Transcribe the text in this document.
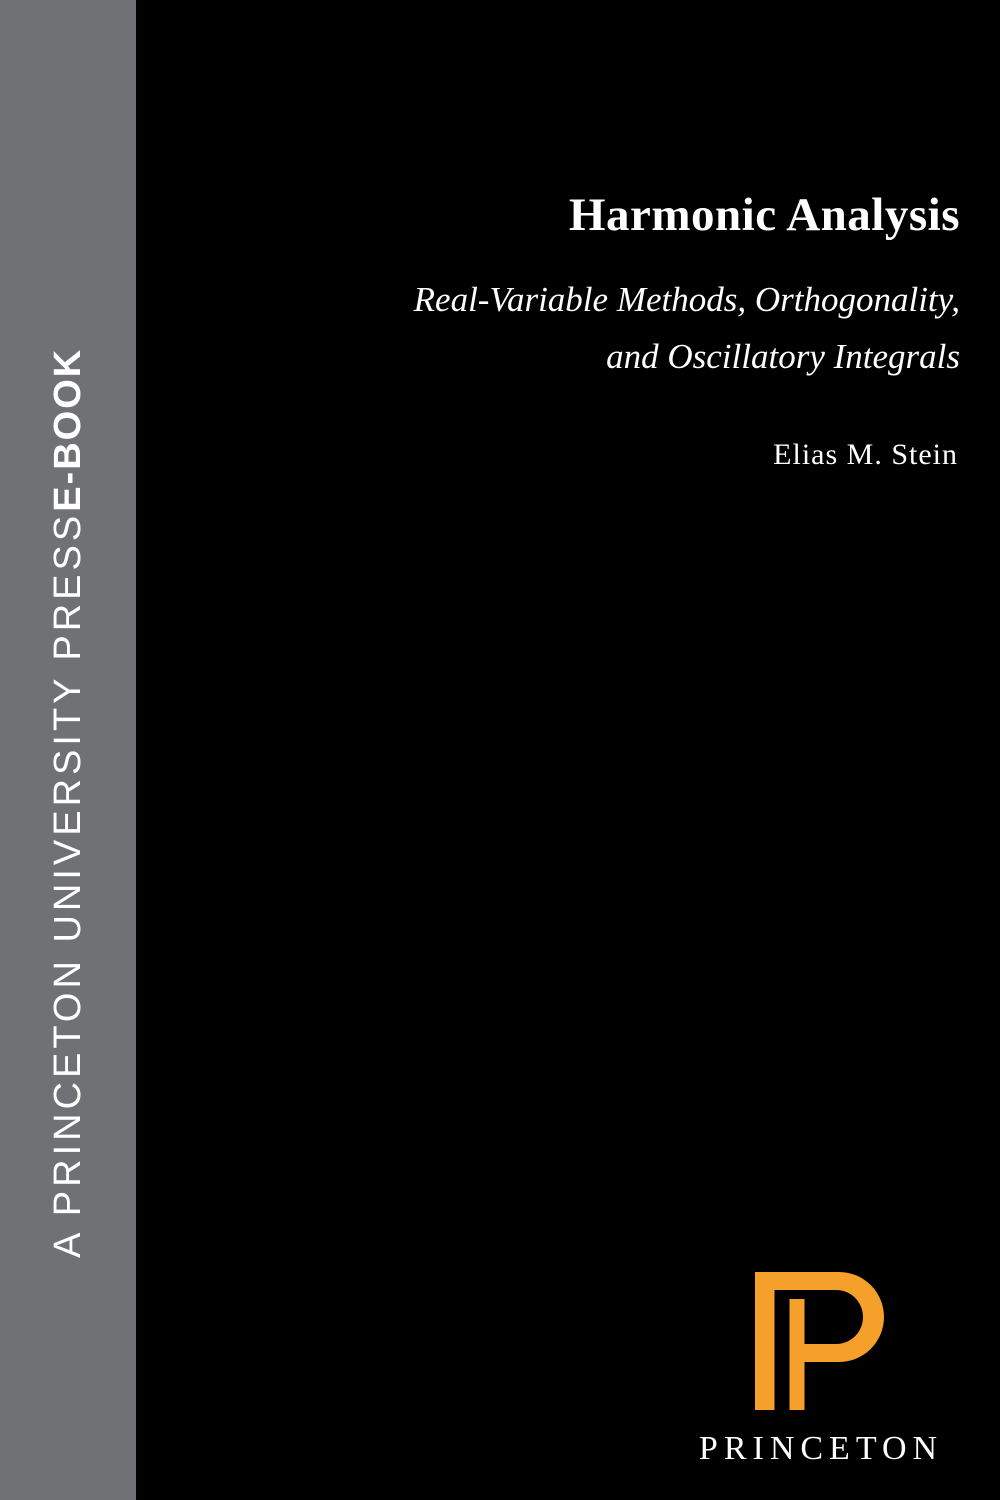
A PRINCETON UNIVERSITY PRESS
E-BOOK
Harmonic Analysis
Real-Variable Methods, Orthogonality,
and Oscillatory Integrals
Elias M. Stein
PRINCETON
